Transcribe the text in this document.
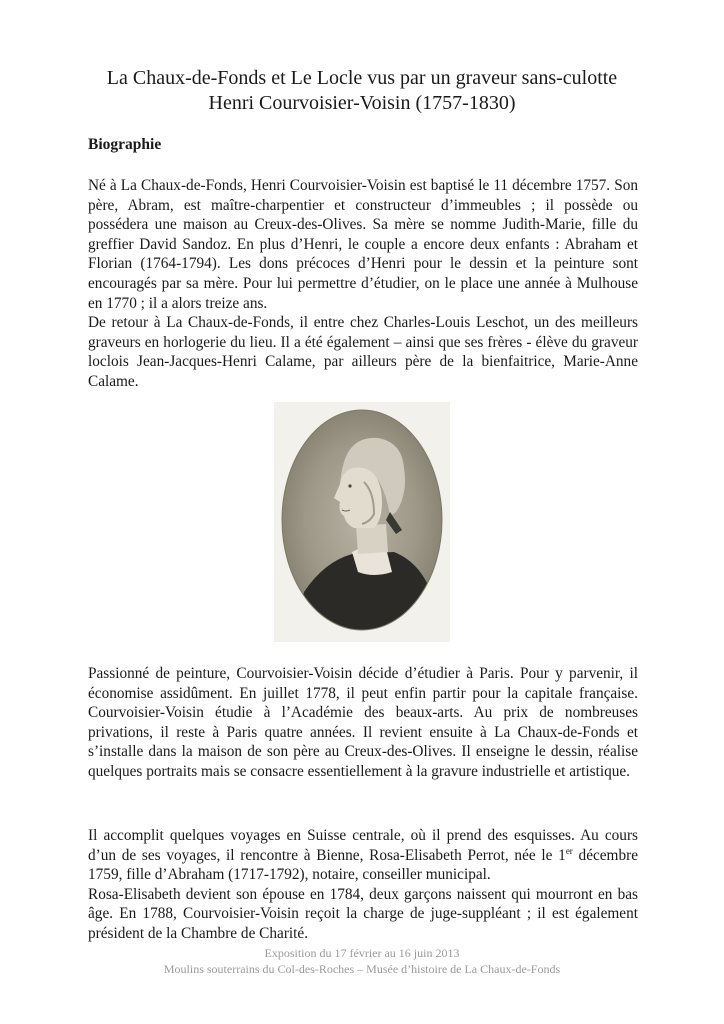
La Chaux-de-Fonds et Le Locle vus par un graveur sans-culotte
Henri Courvoisier-Voisin (1757-1830)
Biographie

Né à La Chaux-de-Fonds, Henri Courvoisier-Voisin est baptisé le 11 décembre 1757. Son père, Abram, est maître-charpentier et constructeur d’immeubles ; il possède ou possédera une maison au Creux-des-Olives. Sa mère se nomme Judith-Marie, fille du greffier David Sandoz. En plus d’Henri, le couple a encore deux enfants : Abraham et Florian (1764-1794). Les dons précoces d’Henri pour le dessin et la peinture sont encouragés par sa mère. Pour lui permettre d’étudier, on le place une année à Mulhouse en 1770 ; il a alors treize ans.

De retour à La Chaux-de-Fonds, il entre chez Charles-Louis Leschot, un des meilleurs graveurs en horlogerie du lieu. Il a été également – ainsi que ses frères - élève du graveur loclois Jean-Jacques-Henri Calame, par ailleurs père de la bienfaitrice, Marie-Anne Calame.

Passionné de peinture, Courvoisier-Voisin décide d’étudier à Paris. Pour y parvenir, il économise assidûment. En juillet 1778, il peut enfin partir pour la capitale française. Courvoisier-Voisin étudie à l’Académie des beaux-arts. Au prix de nombreuses privations, il reste à Paris quatre années. Il revient ensuite à La Chaux-de-Fonds et s’installe dans la maison de son père au Creux-des-Olives. Il enseigne le dessin, réalise quelques portraits mais se consacre essentiellement à la gravure industrielle et artistique.

Il accomplit quelques voyages en Suisse centrale, où il prend des esquisses. Au cours d’un de ses voyages, il rencontre à Bienne, Rosa-Elisabeth Perrot, née le 1er décembre 1759, fille d’Abraham (1717-1792), notaire, conseiller municipal.

Rosa-Elisabeth devient son épouse en 1784, deux garçons naissent qui mourront en bas âge. En 1788, Courvoisier-Voisin reçoit la charge de juge-suppléant ; il est également président de la Chambre de Charité.

Exposition du 17 février au 16 juin 2013
Moulins souterrains du Col-des-Roches – Musée d’histoire de La Chaux-de-Fonds
